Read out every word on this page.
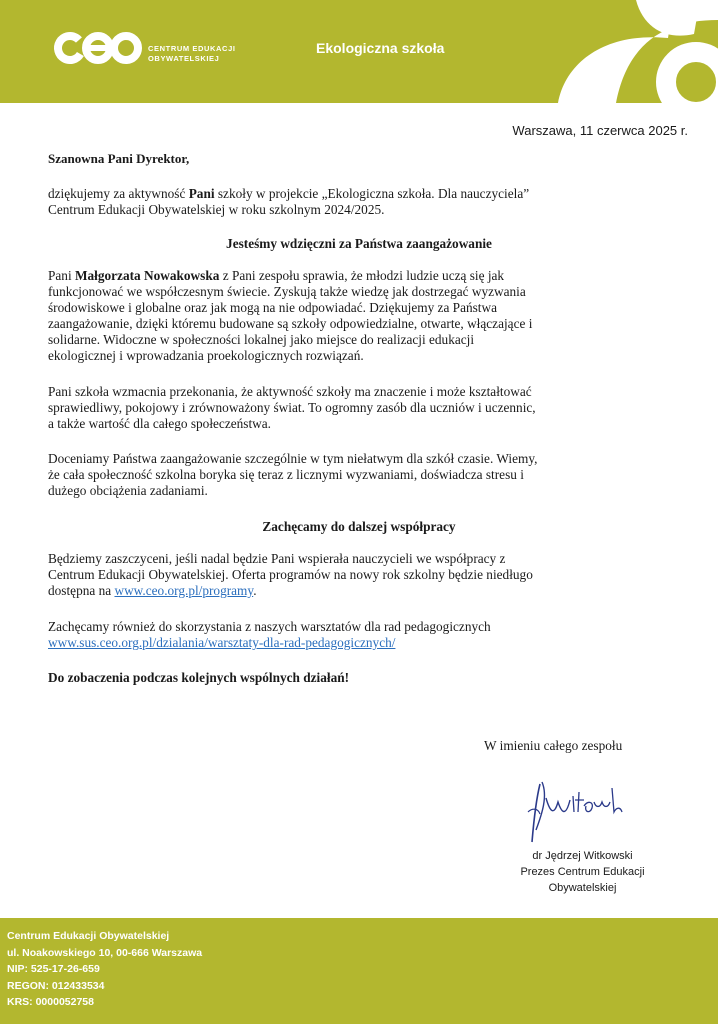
CENTRUM EDUKACJI
OBYWATELSKIEJ
Ekologiczna szkoła
Warszawa, 11 czerwca 2025 r.
Szanowna Pani Dyrektor,
dziękujemy za aktywność Pani szkoły w projekcie „Ekologiczna szkoła. Dla nauczyciela”
Centrum Edukacji Obywatelskiej w roku szkolnym 2024/2025.
Jesteśmy wdzięczni za Państwa zaangażowanie
Pani Małgorzata Nowakowska z Pani zespołu sprawia, że młodzi ludzie uczą się jak
funkcjonować we współczesnym świecie. Zyskują także wiedzę jak dostrzegać wyzwania
środowiskowe i globalne oraz jak mogą na nie odpowiadać. Dziękujemy za Państwa
zaangażowanie, dzięki któremu budowane są szkoły odpowiedzialne, otwarte, włączające i
solidarne. Widoczne w społeczności lokalnej jako miejsce do realizacji edukacji
ekologicznej i wprowadzania proekologicznych rozwiązań.
Pani szkoła wzmacnia przekonania, że aktywność szkoły ma znaczenie i może kształtować
sprawiedliwy, pokojowy i zrównoważony świat. To ogromny zasób dla uczniów i uczennic,
a także wartość dla całego społeczeństwa.
Doceniamy Państwa zaangażowanie szczególnie w tym niełatwym dla szkół czasie. Wiemy,
że cała społeczność szkolna boryka się teraz z licznymi wyzwaniami, doświadcza stresu i
dużego obciążenia zadaniami.
Zachęcamy do dalszej współpracy
Będziemy zaszczyceni, jeśli nadal będzie Pani wspierała nauczycieli we współpracy z
Centrum Edukacji Obywatelskiej. Oferta programów na nowy rok szkolny będzie niedługo
dostępna na www.ceo.org.pl/programy.
Zachęcamy również do skorzystania z naszych warsztatów dla rad pedagogicznych
www.sus.ceo.org.pl/dzialania/warsztaty-dla-rad-pedagogicznych/
Do zobaczenia podczas kolejnych wspólnych działań!
W imieniu całego zespołu
dr Jędrzej Witkowski
Prezes Centrum Edukacji
Obywatelskiej
Centrum Edukacji Obywatelskiej
ul. Noakowskiego 10, 00-666 Warszawa
NIP: 525-17-26-659
REGON: 012433534
KRS: 0000052758
